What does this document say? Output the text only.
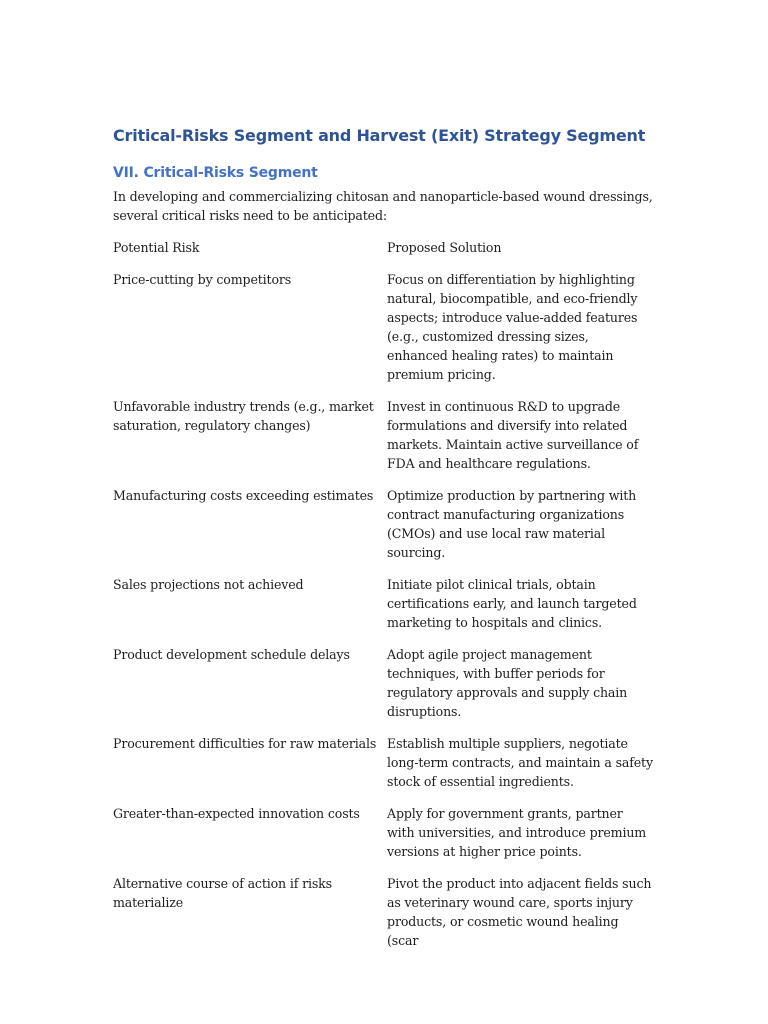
Critical-Risks Segment and Harvest (Exit) Strategy Segment
VII. Critical-Risks Segment

In developing and commercializing chitosan and nanoparticle-based wound dressings, several critical risks need to be anticipated:

Potential Risk	Proposed Solution
Price-cutting by competitors	Focus on differentiation by highlighting natural, biocompatible, and eco-friendly aspects; introduce value-added features (e.g., customized dressing sizes, enhanced healing rates) to maintain premium pricing.
Unfavorable industry trends (e.g., market saturation, regulatory changes)	Invest in continuous R&D to upgrade formulations and diversify into related markets. Maintain active surveillance of FDA and healthcare regulations.
Manufacturing costs exceeding estimates	Optimize production by partnering with contract manufacturing organizations (CMOs) and use local raw material sourcing.
Sales projections not achieved	Initiate pilot clinical trials, obtain certifications early, and launch targeted marketing to hospitals and clinics.
Product development schedule delays	Adopt agile project management techniques, with buffer periods for regulatory approvals and supply chain disruptions.
Procurement difficulties for raw materials	Establish multiple suppliers, negotiate long-term contracts, and maintain a safety stock of essential ingredients.
Greater-than-expected innovation costs	Apply for government grants, partner with universities, and introduce premium versions at higher price points.
Alternative course of action if risks materialize	Pivot the product into adjacent fields such as veterinary wound care, sports injury products, or cosmetic wound healing (scar
